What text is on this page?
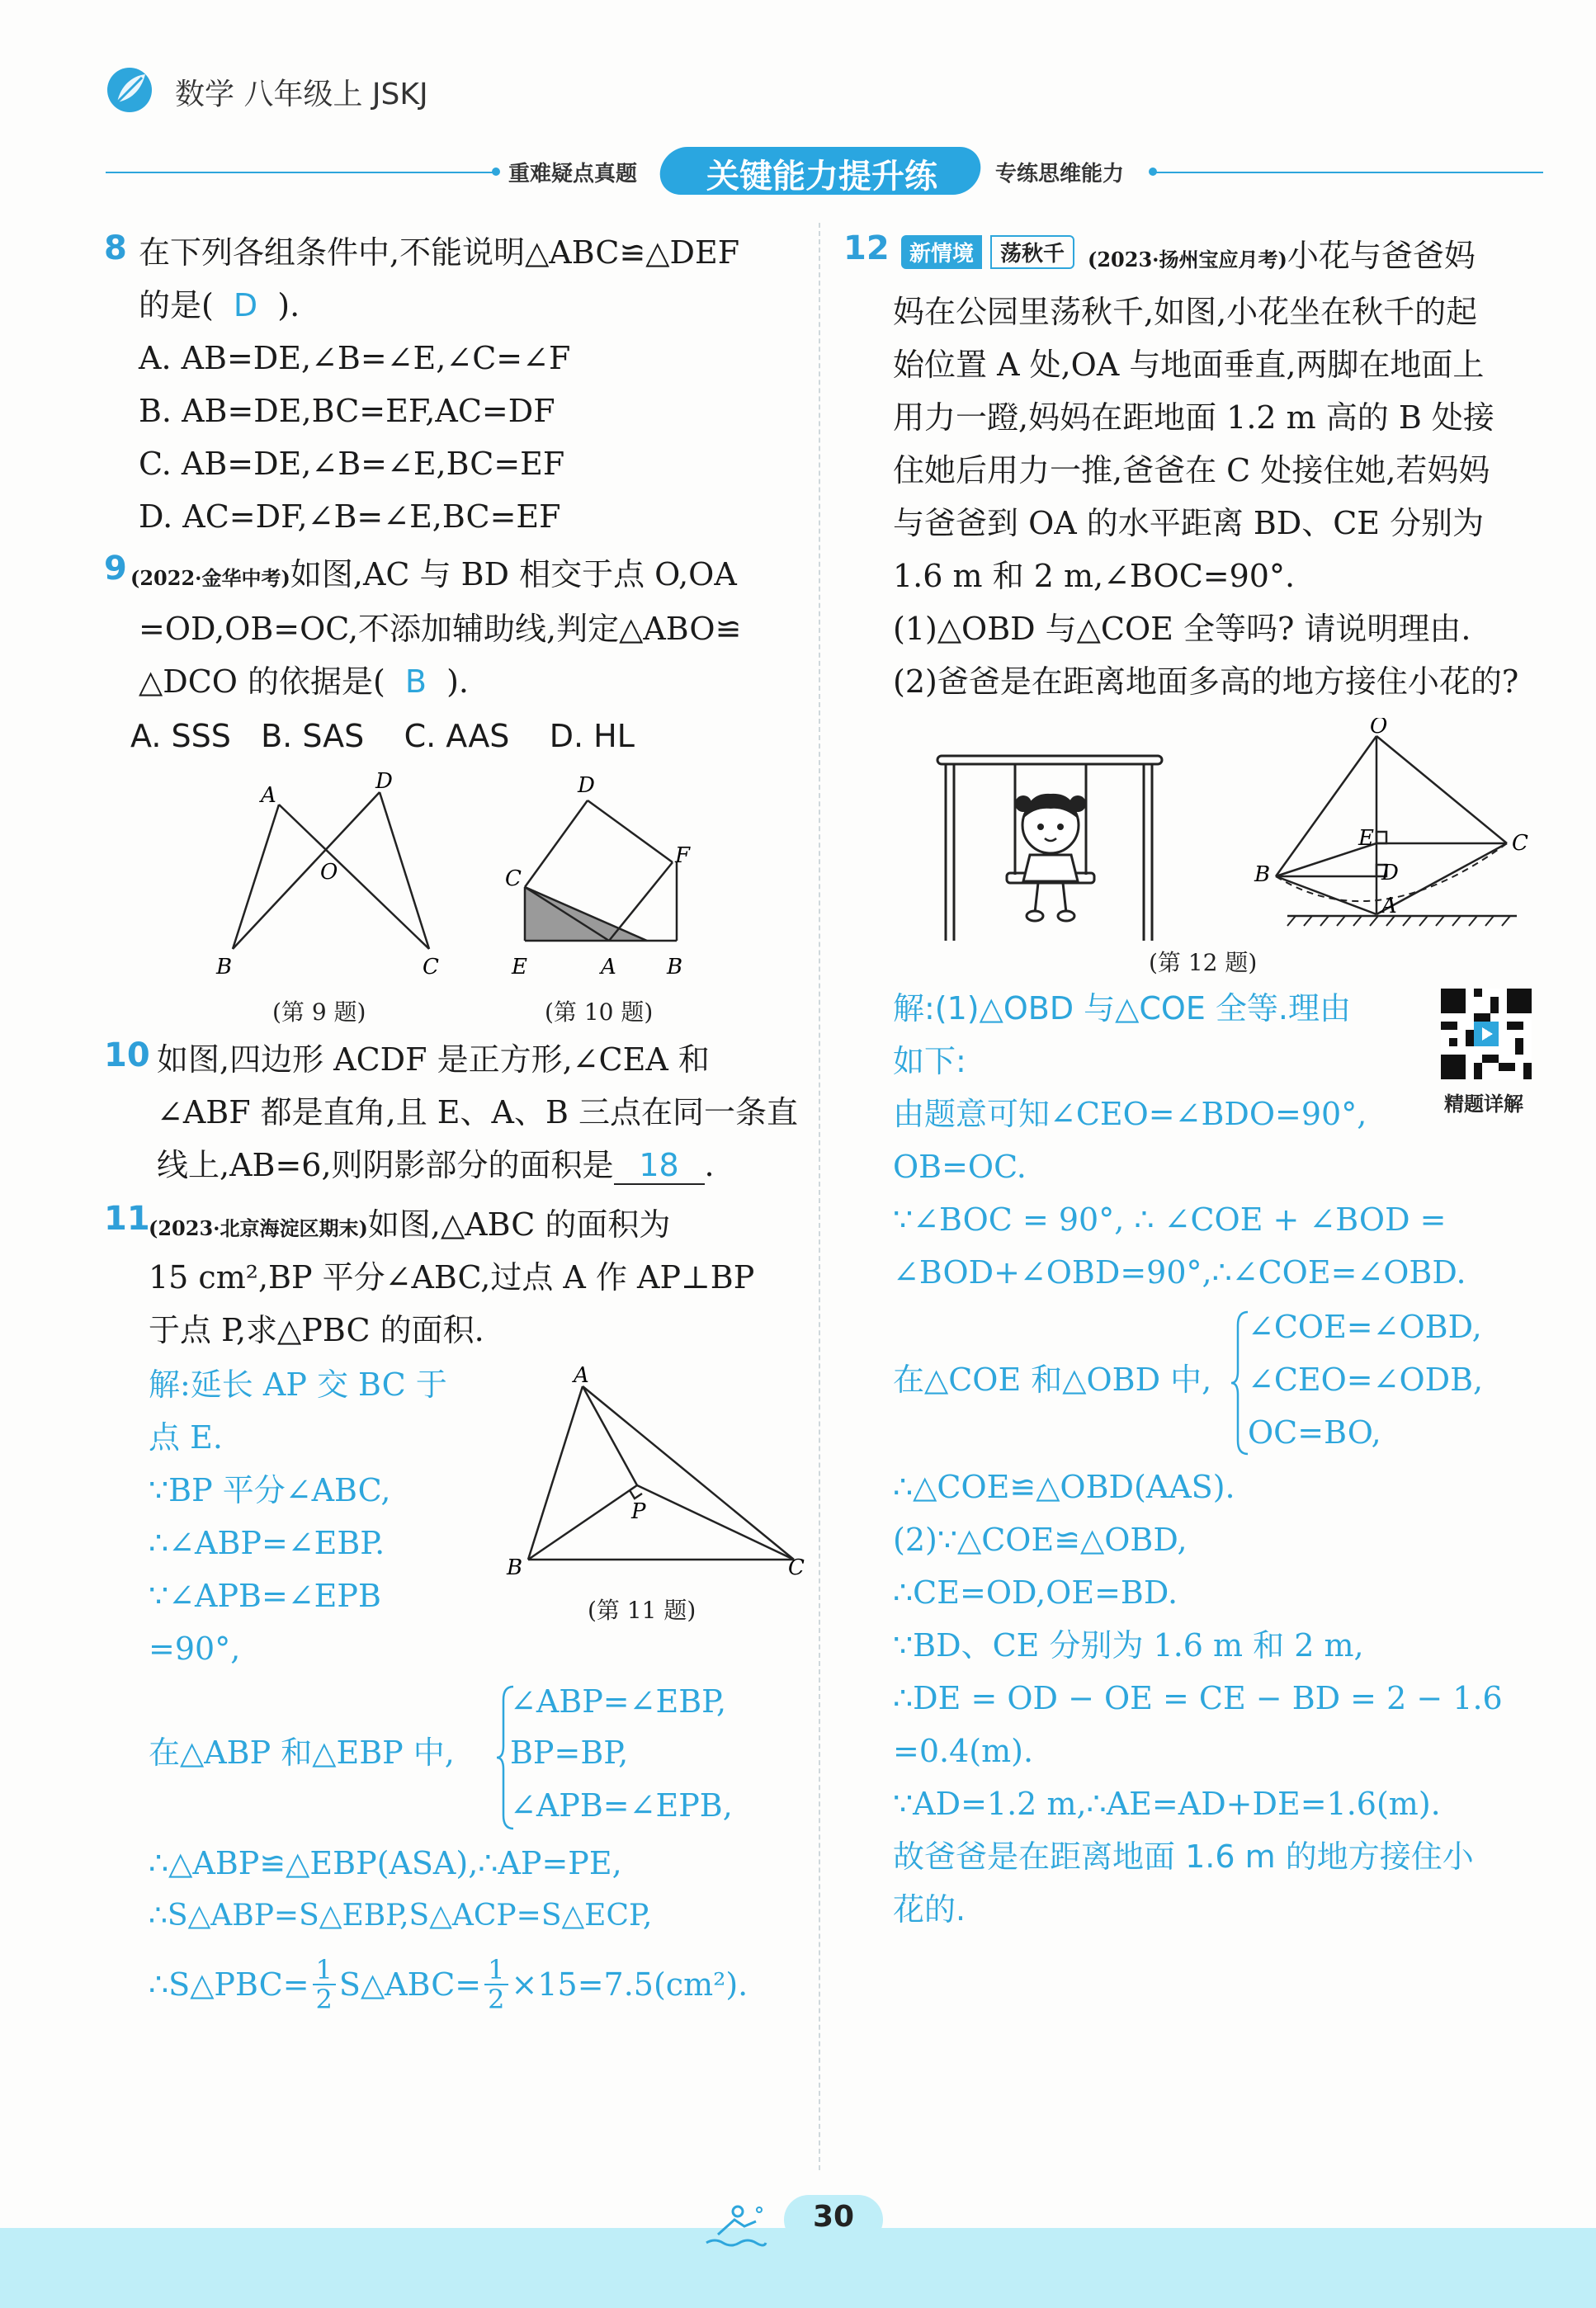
数学 八年级上 JSKJ
重难疑点真题	关键能力提升练	专练思维能力
8 在下列各组条件中,不能说明△ABC≌△DEF
的是( D ).
A. AB=DE,∠B=∠E,∠C=∠F
B. AB=DE,BC=EF,AC=DF
C. AB=DE,∠B=∠E,BC=EF
D. AC=DF,∠B=∠E,BC=EF
9 (2022·金华中考)如图,AC 与 BD 相交于点 O,OA
=OD,OB=OC,不添加辅助线,判定△ABO≌
△DCO 的依据是( B ).
A. SSS   B. SAS    C. AAS    D. HL
A
D
O
B	C
(第 9 题)
D
C
F
E	A B
(第 10 题)
10 如图,四边形 ACDF 是正方形,∠CEA 和
∠ABF 都是直角,且 E、A、B 三点在同一条直
线上,AB=6,则阴影部分的面积是 18 .
11
(2023·北京海淀区期末)如图,△ABC 的面积为
15 cm²,BP 平分∠ABC,过点 A 作 AP⊥BP
于点 P,求△PBC 的面积.
解:延长 AP 交 BC 于
点 E.
∵BP 平分∠ABC,
∴∠ABP=∠EBP.
∵∠APB=∠EPB
=90°,
A
P
B	C
(第 11 题)
在△ABP 和△EBP 中,
∠ABP=∠EBP,
BP=BP,
∠APB=∠EPB,
∴△ABP≌△EBP(ASA),∴AP=PE,
∴S△ABP=S△EBP,S△ACP=S△ECP,
∴S△PBC= $\frac{1}{2}$ S△ABC= $\frac{1}{2} \times 15=7.5(cm^2)$.
12 新情境	荡秋千	(2023·扬州宝应月考)小花与爸爸妈
妈在公园里荡秋千,如图,小花坐在秋千的起
始位置 A 处,OA 与地面垂直,两脚在地面上
用力一蹬,妈妈在距地面 1.2 m 高的 B 处接
住她后用力一推,爸爸在 C 处接住她,若妈妈
与爸爸到 OA 的水平距离 BD、CE 分别为
1.6 m 和 2 m,∠BOC=90°.
(1)△OBD 与△COE 全等吗? 请说明理由.
(2)爸爸是在距离地面多高的地方接住小花的?
O
E	C
B	D
A
(第 12 题)
精题详解
解:(1)△OBD 与△COE 全等.理由
如下:
由题意可知∠CEO=∠BDO=90°,
OB=OC.
∵∠BOC = 90°, ∴ ∠COE + ∠BOD =
∠BOD+∠OBD=90°,∴∠COE=∠OBD.
在△COE 和△OBD 中,
∠COE=∠OBD,
∠CEO=∠ODB,
OC=BO,
∴△COE≌△OBD(AAS).
(2)∵△COE≌△OBD,
∴CE=OD,OE=BD.
∵BD、CE 分别为 1.6 m 和 2 m,
∴DE = OD − OE = CE − BD = 2 − 1.6
=0.4(m).
∵AD=1.2 m,∴AE=AD+DE=1.6(m).
故爸爸是在距离地面 1.6 m 的地方接住小
花的.
30
